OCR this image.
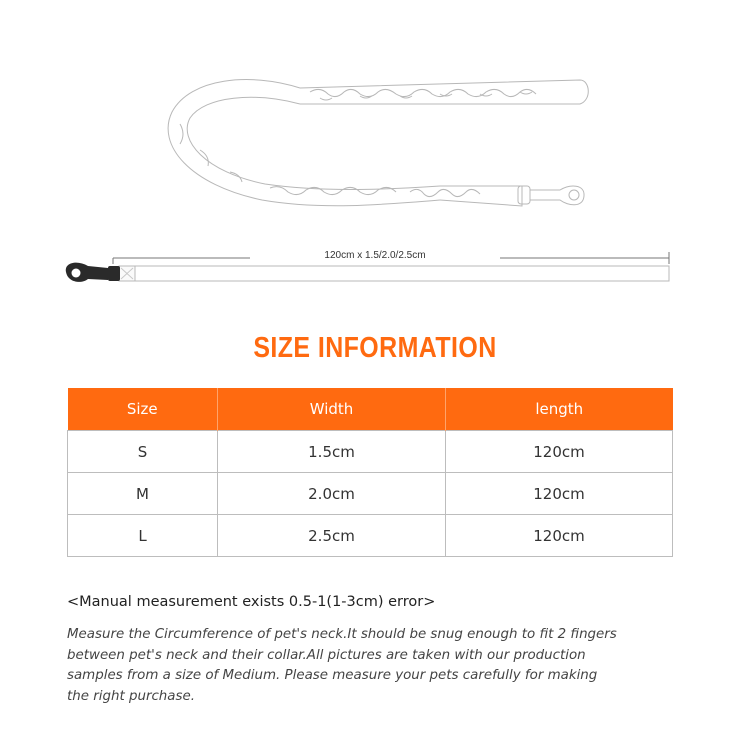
120cm x 1.5/2.0/2.5cm
SIZE INFORMATION
Size	Width	length
S	1.5cm	120cm
M	2.0cm	120cm
L	2.5cm	120cm
<Manual measurement exists 0.5-1(1-3cm) error>
Measure the Circumference of pet's neck.It should be snug enough to fit 2 fingers
between pet's neck and their collar.All pictures are taken with our production
samples from a size of Medium. Please measure your pets carefully for making
the right purchase.
